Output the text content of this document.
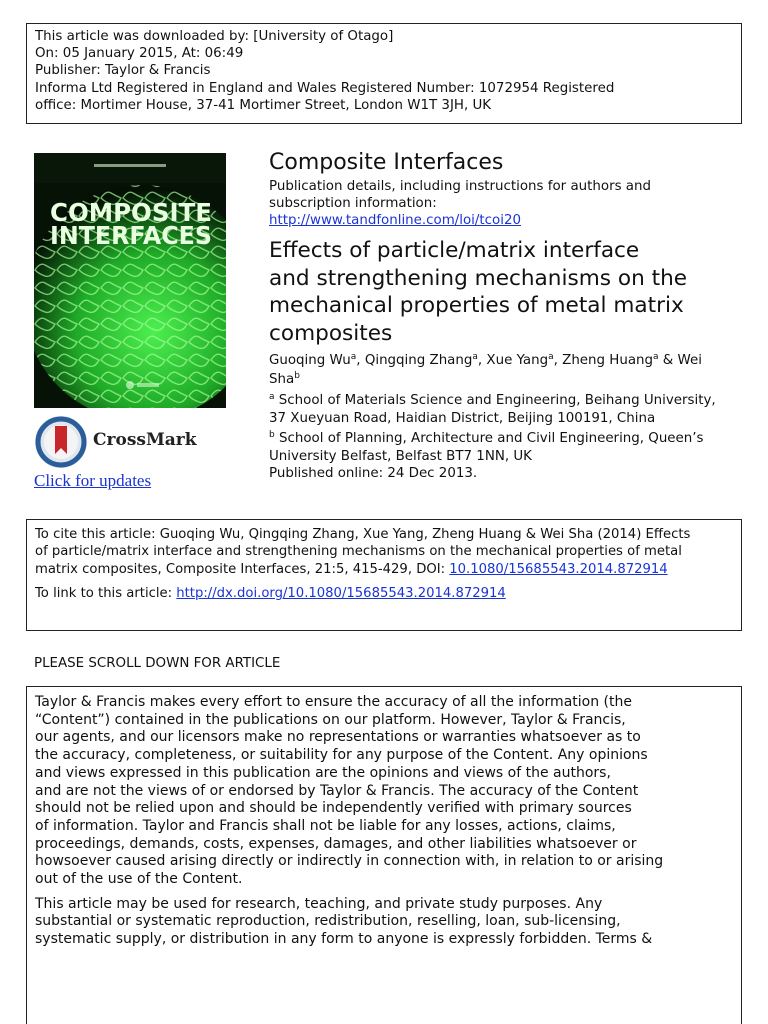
This article was downloaded by: [University of Otago]
On: 05 January 2015, At: 06:49
Publisher: Taylor & Francis
Informa Ltd Registered in England and Wales Registered Number: 1072954 Registered
office: Mortimer House, 37-41 Mortimer Street, London W1T 3JH, UK
COMPOSITE
INTERFACES
CrossMark
Click for updates
Composite Interfaces
Publication details, including instructions for authors and
subscription information:
http://www.tandfonline.com/loi/tcoi20
Effects of particle/matrix interface
and strengthening mechanisms on the
mechanical properties of metal matrix
composites
Guoqing Wu$^a$, Qingqing Zhang$^a$, Xue Yang$^a$, Zheng Huang$^a$ & Wei
Sha$^b$
$^a$ School of Materials Science and Engineering, Beihang University,
37 Xueyuan Road, Haidian District, Beijing 100191, China
$^b$ School of Planning, Architecture and Civil Engineering, Queen’s
University Belfast, Belfast BT7 1NN, UK
Published online: 24 Dec 2013.
To cite this article: Guoqing Wu, Qingqing Zhang, Xue Yang, Zheng Huang & Wei Sha (2014) Effects
of particle/matrix interface and strengthening mechanisms on the mechanical properties of metal
matrix composites, Composite Interfaces, 21:5, 415-429, DOI: 10.1080/15685543.2014.872914
To link to this article: http://dx.doi.org/10.1080/15685543.2014.872914
PLEASE SCROLL DOWN FOR ARTICLE
Taylor & Francis makes every effort to ensure the accuracy of all the information (the
“Content”) contained in the publications on our platform. However, Taylor & Francis,
our agents, and our licensors make no representations or warranties whatsoever as to
the accuracy, completeness, or suitability for any purpose of the Content. Any opinions
and views expressed in this publication are the opinions and views of the authors,
and are not the views of or endorsed by Taylor & Francis. The accuracy of the Content
should not be relied upon and should be independently verified with primary sources
of information. Taylor and Francis shall not be liable for any losses, actions, claims,
proceedings, demands, costs, expenses, damages, and other liabilities whatsoever or
howsoever caused arising directly or indirectly in connection with, in relation to or arising
out of the use of the Content.
This article may be used for research, teaching, and private study purposes. Any
substantial or systematic reproduction, redistribution, reselling, loan, sub-licensing,
systematic supply, or distribution in any form to anyone is expressly forbidden. Terms &
